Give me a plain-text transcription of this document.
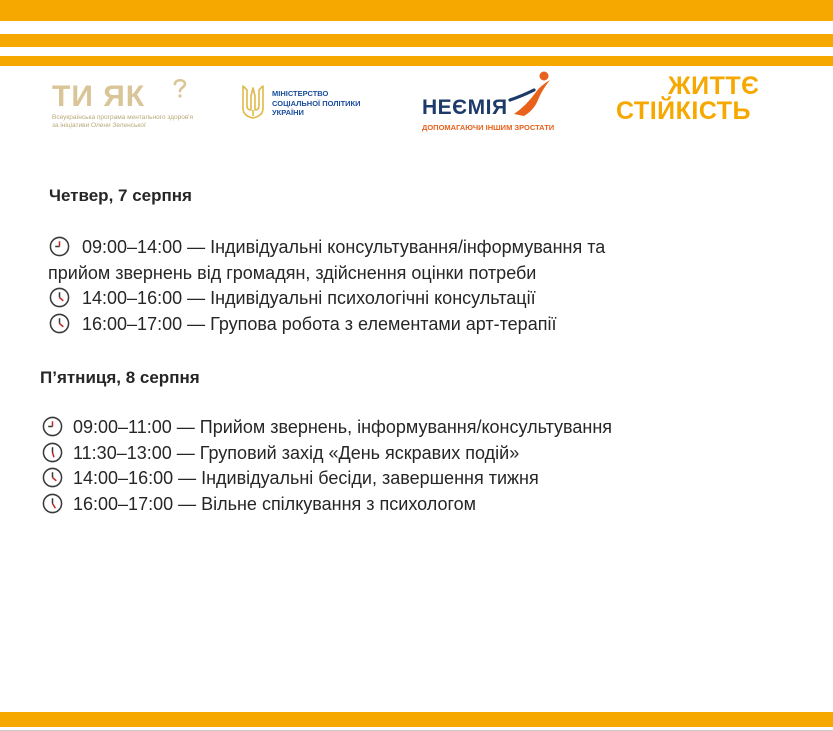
ТИ ЯК
Всеукраїнська програма ментального здоров'я
за ініціативи Олени Зеленської
МІНІСТЕРСТВО
СОЦІАЛЬНОЇ ПОЛІТИКИ
УКРАЇНИ	НЕЄМІЯ
ДОПОМАГАЮЧИ ІНШИМ ЗРОСТАТИ
ЖИТТЄ
СТІЙКІСТЬ
Четвер, 7 серпня
09:00–14:00 — Індивідуальні консультування/інформування та
прийом звернень від громадян, здійснення оцінки потреби
14:00–16:00 — Індивідуальні психологічні консультації
16:00–17:00 — Групова робота з елементами арт-терапії
П’ятниця, 8 серпня
09:00–11:00 — Прийом звернень, інформування/консультування
11:30–13:00 — Груповий захід «День яскравих подій»
14:00–16:00 — Індивідуальні бесіди, завершення тижня
16:00–17:00 — Вільне спілкування з психологом
